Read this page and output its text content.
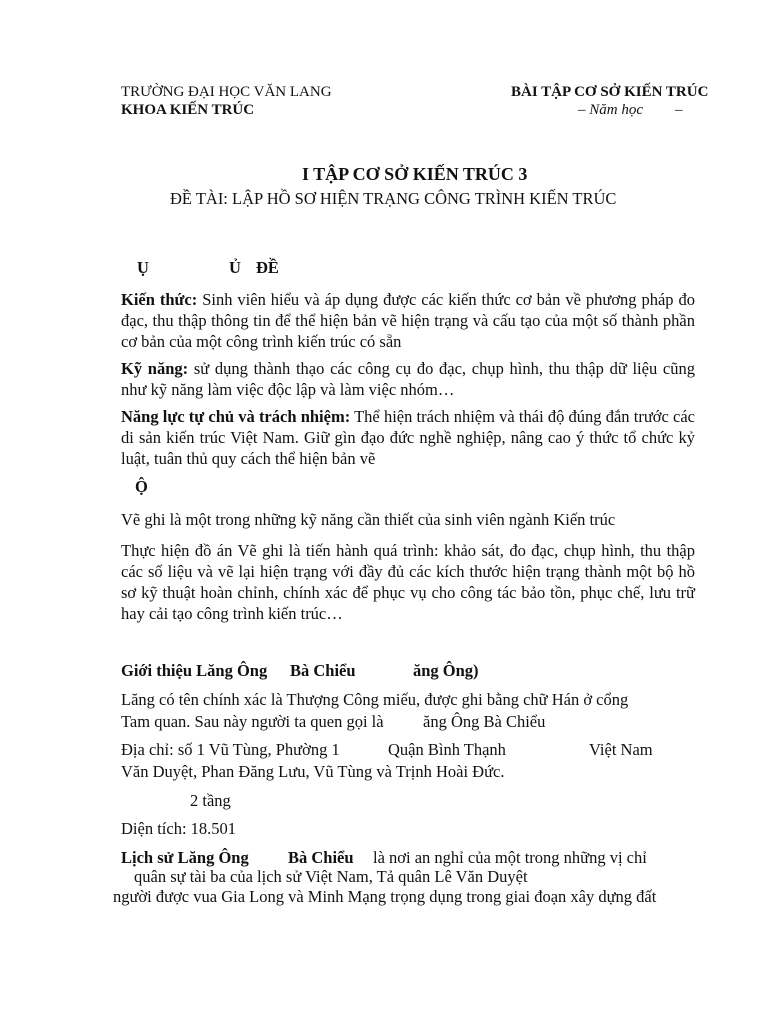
TRƯỜNG ĐẠI HỌC VĂN LANG
KHOA KIẾN TRÚC
BÀI TẬP CƠ SỞ KIẾN TRÚC
– Năm học –
I TẬP CƠ SỞ KIẾN TRÚC 3
ĐỀ TÀI: LẬP HỒ SƠ HIỆN TRẠNG CÔNG TRÌNH KIẾN TRÚC
Ụ	Ủ ĐỀ
Kiến thức: Sinh viên hiểu và áp dụng được các kiến thức cơ bản về phương pháp đo đạc, thu thập thông tin để thể hiện bản vẽ hiện trạng và cấu tạo của một số thành phần cơ bản của một công trình kiến trúc có sẵn
Kỹ năng: sử dụng thành thạo các công cụ đo đạc, chụp hình, thu thập dữ liệu cũng như kỹ năng làm việc độc lập và làm việc nhóm…
Năng lực tự chủ và trách nhiệm: Thể hiện trách nhiệm và thái độ đúng đắn trước các di sản kiến trúc Việt Nam. Giữ gìn đạo đức nghề nghiệp, nâng cao ý thức tổ chức kỷ luật, tuân thủ quy cách thể hiện bản vẽ
Ộ
Vẽ ghi là một trong những kỹ năng cần thiết của sinh viên ngành Kiến trúc
Thực hiện đồ án Vẽ ghi là tiến hành quá trình: khảo sát, đo đạc, chụp hình, thu thập các số liệu và vẽ lại hiện trạng với đầy đủ các kích thước hiện trạng thành một bộ hồ sơ kỹ thuật hoàn chỉnh, chính xác để phục vụ cho công tác bảo tồn, phục chế, lưu trữ hay cải tạo công trình kiến trúc…
Giới thiệu Lăng Ông Bà Chiểu	ăng Ông)
Lăng có tên chính xác là Thượng Công miếu, được ghi bằng chữ Hán ở cổng
Tam quan. Sau này người ta quen gọi là ăng Ông Bà Chiểu
Địa chỉ: số 1 Vũ Tùng, Phường 1	Quận Bình Thạnh	Việt Nam
Văn Duyệt, Phan Đăng Lưu, Vũ Tùng và Trịnh Hoài Đức.
2 tầng
Diện tích: 18.501
Lịch sử Lăng Ông Bà Chiểu là nơi an nghỉ của một trong những vị chỉ
quân sự tài ba của lịch sử Việt Nam, Tả quân Lê Văn Duyệt
người được vua Gia Long và Minh Mạng trọng dụng trong giai đoạn xây dựng đất
